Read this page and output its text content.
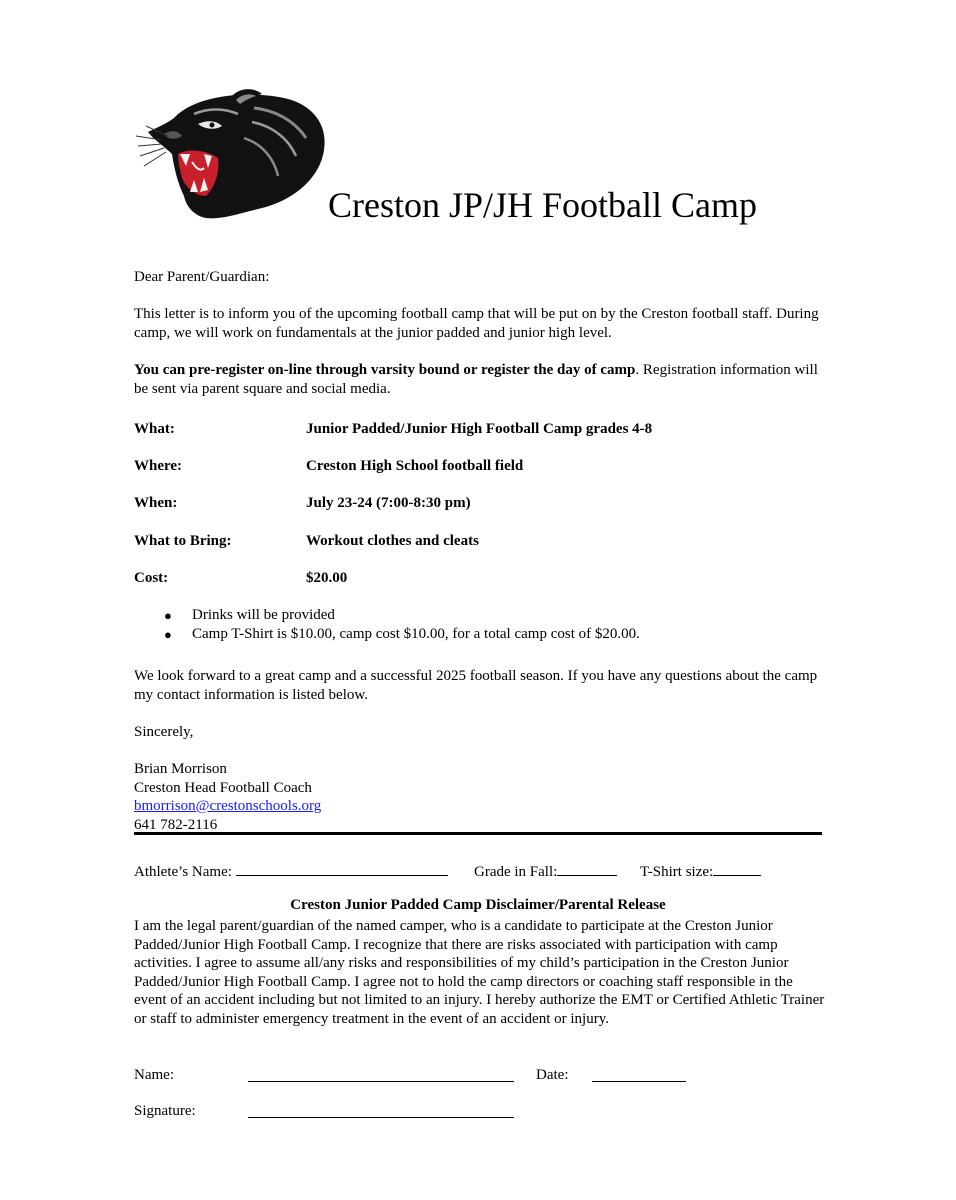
Creston JP/JH Football Camp
Dear Parent/Guardian:
This letter is to inform you of the upcoming football camp that will be put on by the Creston football staff. During camp, we will work on fundamentals at the junior padded and junior high level.
You can pre-register on-line through varsity bound or register the day of camp. Registration information will be sent via parent square and social media.
What:	Junior Padded/Junior High Football Camp grades 4-8
Where:	Creston High School football field
When:	July 23-24 (7:00-8:30 pm)
What to Bring:	Workout clothes and cleats
Cost:	$20.00
● Drinks will be provided
● Camp T-Shirt is $10.00, camp cost $10.00, for a total camp cost of $20.00.
We look forward to a great camp and a successful 2025 football season. If you have any questions about the camp my contact information is listed below.
Sincerely,
Brian Morrison
Creston Head Football Coach
bmorrison@crestonschools.org
641 782-2116
Athlete’s Name:	Grade in Fall:	T-Shirt size:
Creston Junior Padded Camp Disclaimer/Parental Release
I am the legal parent/guardian of the named camper, who is a candidate to participate at the Creston Junior Padded/Junior High Football Camp. I recognize that there are risks associated with participation with camp activities. I agree to assume all/any risks and responsibilities of my child’s participation in the Creston Junior Padded/Junior High Football Camp. I agree not to hold the camp directors or coaching staff responsible in the event of an accident including but not limited to an injury. I hereby authorize the EMT or Certified Athletic Trainer or staff to administer emergency treatment in the event of an accident or injury.
Name:	Date:
Signature:
